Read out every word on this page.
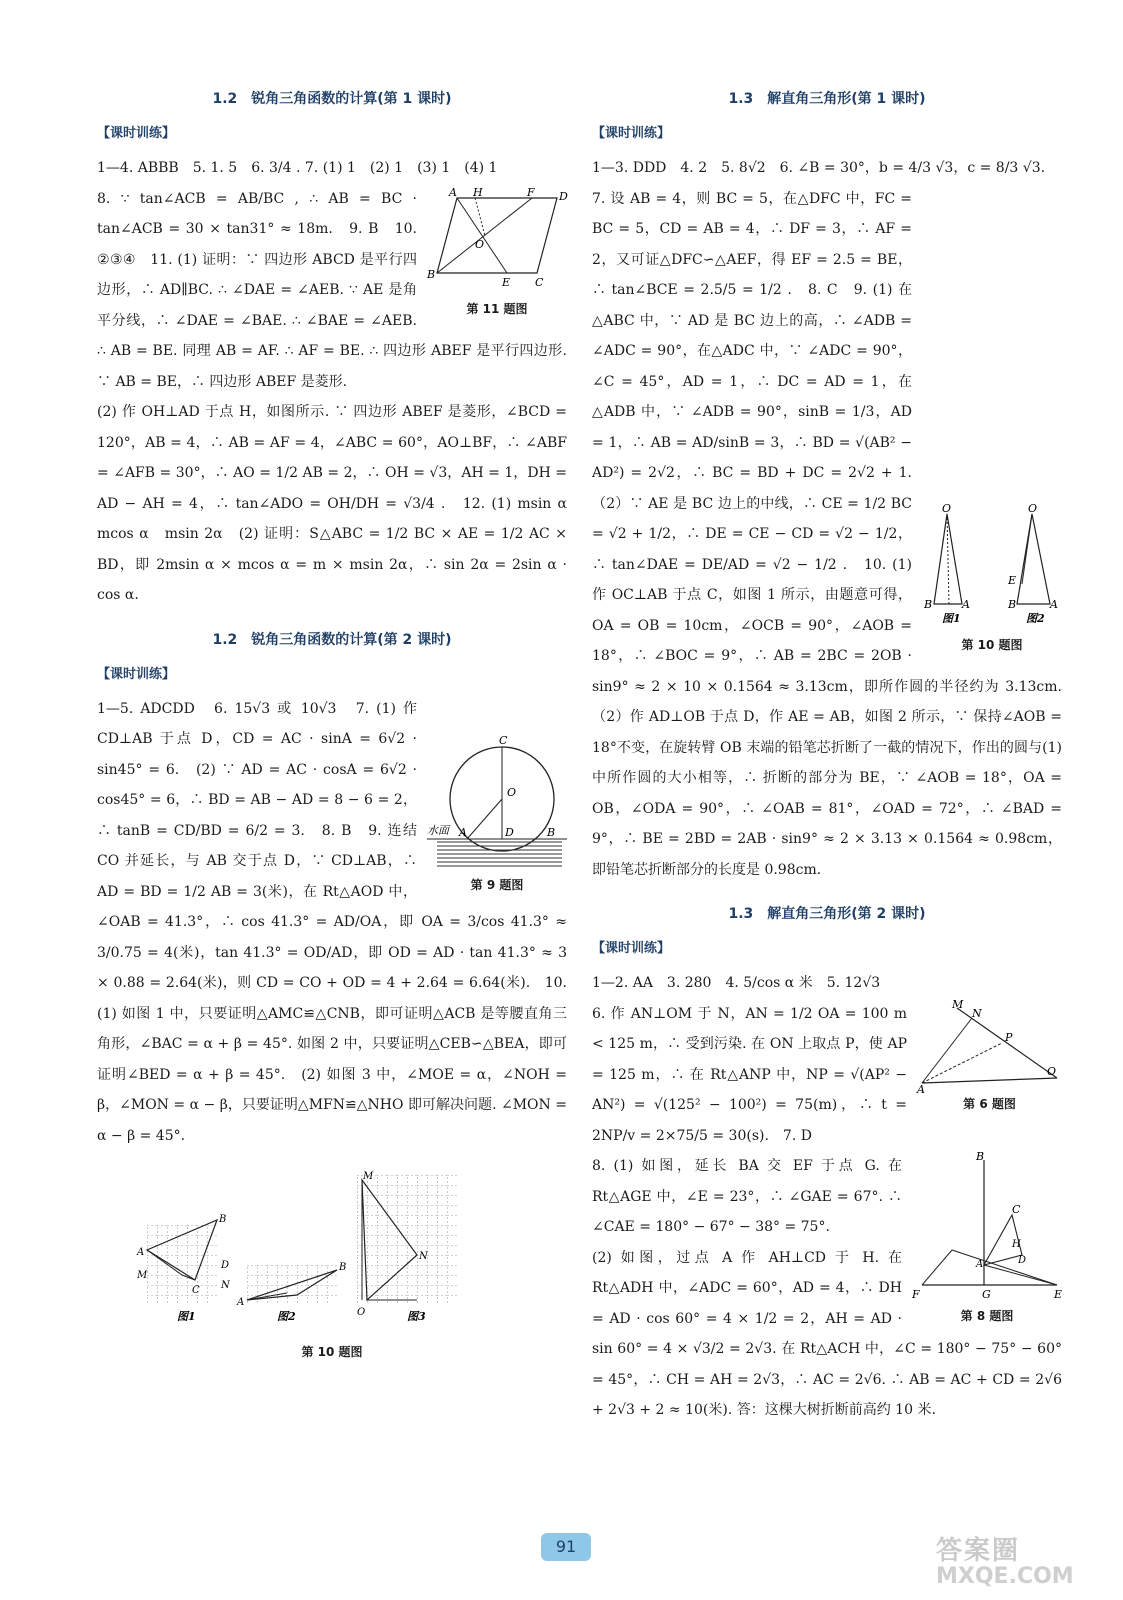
1.2　锐角三角函数的计算(第 1 课时)
【课时训练】

1—4. ABBB　5. 1. 5　6. 3/4 . 7. (1) 1　(2) 1　(3) 1　(4) 1

A H	F D
B
E C
O
第 11 题图

8. ∵ tan∠ACB = AB/BC , ∴ AB = BC · tan∠ACB = 30 × tan31° ≈ 18m.　9. B　10. ②③④　11. (1) 证明：∵ 四边形 ABCD 是平行四边形，∴ AD∥BC. ∴ ∠DAE = ∠AEB. ∵ AE 是角平分线，∴ ∠DAE = ∠BAE. ∴ ∠BAE = ∠AEB. ∴ AB = BE. 同理 AB = AF. ∴ AF = BE. ∴ 四边形 ABEF 是平行四边形. ∵ AB = BE，∴ 四边形 ABEF 是菱形.

(2) 作 OH⊥AD 于点 H，如图所示. ∵ 四边形 ABEF 是菱形，∠BCD = 120°，AB = 4，∴ AB = AF = 4，∠ABC = 60°，AO⊥BF，∴ ∠ABF = ∠AFB = 30°，∴ AO = 1/2 AB = 2，∴ OH = √3，AH = 1，DH = AD − AH = 4，∴ tan∠ADO = OH/DH = √3/4 .　12. (1) msin α　mcos α　msin 2α　(2) 证明：S△ABC = 1/2 BC × AE = 1/2 AC × BD，即 2msin α × mcos α = m × msin 2α，∴ sin 2α = 2sin α · cos α.

1.2　锐角三角函数的计算(第 2 课时)
【课时训练】
C
O
A	D	B
水面
第 9 题图

1—5. ADCDD　6. 15√3 或 10√3　7. (1) 作 CD⊥AB 于点 D，CD = AC · sinA = 6√2 · sin45° = 6.　(2) ∵ AD = AC · cosA = 6√2 · cos45° = 6，∴ BD = AB − AD = 8 − 6 = 2，∴ tanB = CD/BD = 6/2 = 3.　8. B　9. 连结 CO 并延长，与 AB 交于点 D，∵ CD⊥AB，∴ AD = BD = 1/2 AB = 3(米)，在 Rt△AOD 中，∠OAB = 41.3°，∴ cos 41.3° = AD/OA，即 OA = 3/cos 41.3° ≈ 3/0.75 = 4(米)，tan 41.3° = OD/AD，即 OD = AD · tan 41.3° ≈ 3 × 0.88 = 2.64(米)，则 CD = CO + OD = 4 + 2.64 = 6.64(米).　10. (1) 如图 1 中，只要证明△AMC≌△CNB，即可证明△ACB 是等腰直角三角形，∠BAC = α + β = 45°. 如图 2 中，只要证明△CEB∽△BEA，即可证明∠BED = α + β = 45°.　(2) 如图 3 中，∠MOE = α，∠NOH = β，∠MON = α − β，只要证明△MFN≌△NHO 即可解决问题. ∠MON = α − β = 45°.

A
B
D
N
C
M
A
B
M
N
O
图1	图2	图3
第 10 题图
1.3　解直角三角形(第 1 课时)
【课时训练】

1—3. DDD　4. 2　5. 8√2　6. ∠B = 30°，b = 4/3 √3，c = 8/3 √3.

O
B	A
O
E
B	A
图1	图2
第 10 题图

7. 设 AB = 4，则 BC = 5，在△DFC 中，FC = BC = 5，CD = AB = 4，∴ DF = 3，∴ AF = 2，又可证△DFC∽△AEF，得 EF = 2.5 = BE，∴ tan∠BCE = 2.5/5 = 1/2 .　8. C　9. (1) 在△ABC 中，∵ AD 是 BC 边上的高，∴ ∠ADB = ∠ADC = 90°，在△ADC 中，∵ ∠ADC = 90°，∠C = 45°，AD = 1，∴ DC = AD = 1，在△ADB 中，∵ ∠ADB = 90°，sinB = 1/3，AD = 1，∴ AB = AD/sinB = 3，∴ BD = √(AB² − AD²) = 2√2，∴ BC = BD + DC = 2√2 + 1.（2）∵ AE 是 BC 边上的中线，∴ CE = 1/2 BC = √2 + 1/2，∴ DE = CE − CD = √2 − 1/2，∴ tan∠DAE = DE/AD = √2 − 1/2 .　10. (1) 作 OC⊥AB 于点 C，如图 1 所示，由题意可得，OA = OB = 10cm，∠OCB = 90°，∠AOB = 18°，∴ ∠BOC = 9°，∴ AB = 2BC = 2OB · sin9° ≈ 2 × 10 × 0.1564 ≈ 3.13cm，即所作圆的半径约为 3.13cm.（2）作 AD⊥OB 于点 D，作 AE = AB，如图 2 所示，∵ 保持∠AOB = 18°不变，在旋转臂 OB 末端的铅笔芯折断了一截的情况下，作出的圆与(1)中所作圆的大小相等，∴ 折断的部分为 BE，∵ ∠AOB = 18°，OA = OB，∠ODA = 90°，∴ ∠OAB = 81°，∠OAD = 72°，∴ ∠BAD = 9°，∴ BE = 2BD = 2AB · sin9° ≈ 2 × 3.13 × 0.1564 ≈ 0.98cm，即铅笔芯折断部分的长度是 0.98cm.

1.3　解直角三角形(第 2 课时)
【课时训练】

1—2. AA　3. 280　4. 5/cos α 米　5. 12√3

M
N
P
O
A
第 6 题图

6. 作 AN⊥OM 于 N，AN = 1/2 OA = 100 m < 125 m，∴ 受到污染. 在 ON 上取点 P，使 AP = 125 m，∴ 在 Rt△ANP 中，NP = √(AP² − AN²) = √(125² − 100²) = 75(m)，∴ t = 2NP/v = 2×75/5 = 30(s).　7. D

B
C
H
A	D
F	G	E
第 8 题图

8. (1) 如图，延长 BA 交 EF 于点 G. 在 Rt△AGE 中，∠E = 23°，∴ ∠GAE = 67°. ∴ ∠CAE = 180° − 67° − 38° = 75°.

(2) 如图，过点 A 作 AH⊥CD 于 H. 在 Rt△ADH 中，∠ADC = 60°，AD = 4，∴ DH = AD · cos 60° = 4 × 1/2 = 2，AH = AD · sin 60° = 4 × √3/2 = 2√3. 在 Rt△ACH 中，∠C = 180° − 75° − 60° = 45°，∴ CH = AH = 2√3，∴ AC = 2√6. ∴ AB = AC + CD = 2√6 + 2√3 + 2 ≈ 10(米). 答：这棵大树折断前高约 10 米.

91	答案圈
MXQE.COM
